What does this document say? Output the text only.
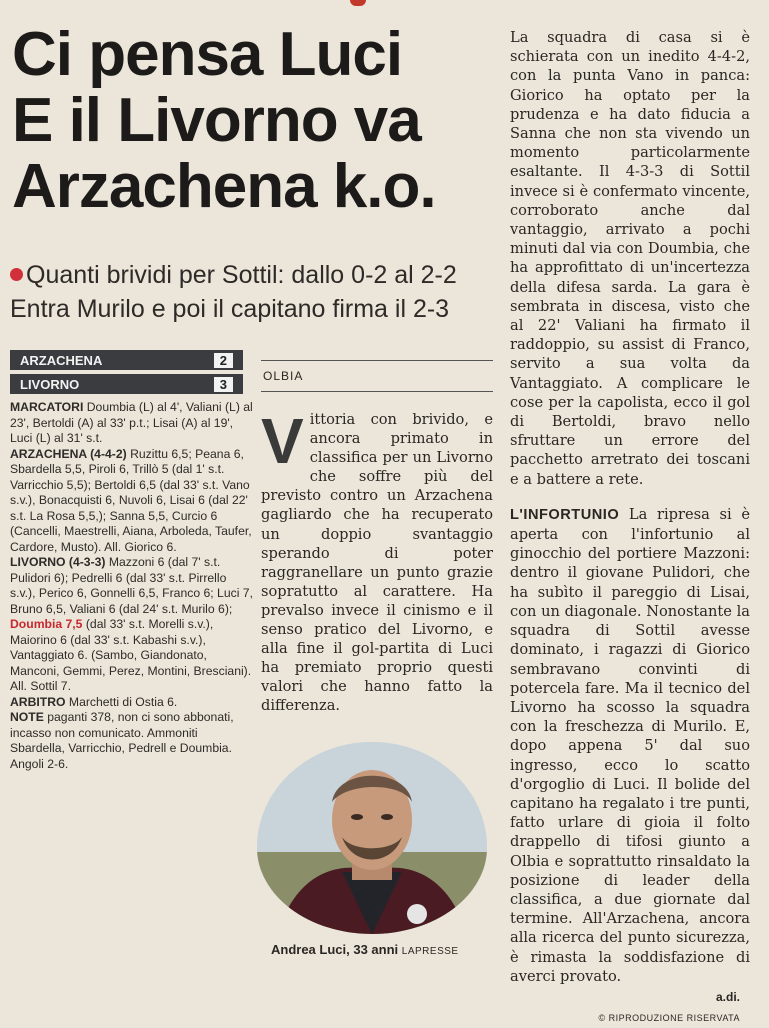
Ci pensa Luci
E il Livorno va
Arzachena k.o.
Quanti brividi per Sottil: dallo 0-2 al 2-2
Entra Murilo e poi il capitano firma il 2-3
ARZACHENA	2
LIVORNO	3

MARCATORI Doumbia (L) al 4', Valiani (L) al 23', Bertoldi (A) al 33' p.t.; Lisai (A) al 19', Luci (L) al 31' s.t.

ARZACHENA (4-4-2) Ruzittu 6,5; Peana 6, Sbardella 5,5, Piroli 6, Trillò 5 (dal 1' s.t. Varricchio 5,5); Bertoldi 6,5 (dal 33' s.t. Vano s.v.), Bonacquisti 6, Nuvoli 6, Lisai 6 (dal 22' s.t. La Rosa 5,5,); Sanna 5,5, Curcio 6 (Cancelli, Maestrelli, Aiana, Arboleda, Taufer, Cardore, Musto). All. Giorico 6.

LIVORNO (4-3-3) Mazzoni 6 (dal 7' s.t. Pulidori 6); Pedrelli 6 (dal 33' s.t. Pirrello s.v.), Perico 6, Gonnelli 6,5, Franco 6; Luci 7, Bruno 6,5, Valiani 6 (dal 24' s.t. Murilo 6); Doumbia 7,5 (dal 33' s.t. Morelli s.v.), Maiorino 6 (dal 33' s.t. Kabashi s.v.), Vantaggiato 6. (Sambo, Giandonato, Manconi, Gemmi, Perez, Montini, Bresciani). All. Sottil 7.

ARBITRO Marchetti di Ostia 6.

NOTE paganti 378, non ci sono abbonati, incasso non comunicato. Ammoniti Sbardella, Varricchio, Pedrell e Doumbia. Angoli 2-6.

OLBIA
Vittoria con brivido, e ancora primato in classifica per un Livorno che soffre più del previsto contro un Arzachena gagliardo che ha recuperato un doppio svantaggio sperando di poter raggranellare un punto grazie sopratutto al carattere. Ha prevalso invece il cinismo e il senso pratico del Livorno, e alla fine il gol-partita di Luci ha premiato proprio questi valori che hanno fatto la differenza.
Andrea Luci, 33 anni LAPRESSE

La squadra di casa si è schierata con un inedito 4-4-2, con la punta Vano in panca: Giorico ha optato per la prudenza e ha dato fiducia a Sanna che non sta vivendo un momento particolarmente esaltante. Il 4-3-3 di Sottil invece si è confermato vincente, corroborato anche dal vantaggio, arrivato a pochi minuti dal via con Doumbia, che ha approfittato di un'incertezza della difesa sarda. La gara è sembrata in discesa, visto che al 22' Valiani ha firmato il raddoppio, su assist di Franco, servito a sua volta da Vantaggiato. A complicare le cose per la capolista, ecco il gol di Bertoldi, bravo nello sfruttare un errore del pacchetto arretrato dei toscani e a battere a rete.

L'INFORTUNIO La ripresa si è aperta con l'infortunio al ginocchio del portiere Mazzoni: dentro il giovane Pulidori, che ha subìto il pareggio di Lisai, con un diagonale. Nonostante la squadra di Sottil avesse dominato, i ragazzi di Giorico sembravano convinti di potercela fare. Ma il tecnico del Livorno ha scosso la squadra con la freschezza di Murilo. E, dopo appena 5' dal suo ingresso, ecco lo scatto d'orgoglio di Luci. Il bolide del capitano ha regalato i tre punti, fatto urlare di gioia il folto drappello di tifosi giunto a Olbia e soprattutto rinsaldato la posizione di leader della classifica, a due giornate dal termine. All'Arzachena, ancora alla ricerca del punto sicurezza, è rimasta la soddisfazione di averci provato.

a.di.
© RIPRODUZIONE RISERVATA
